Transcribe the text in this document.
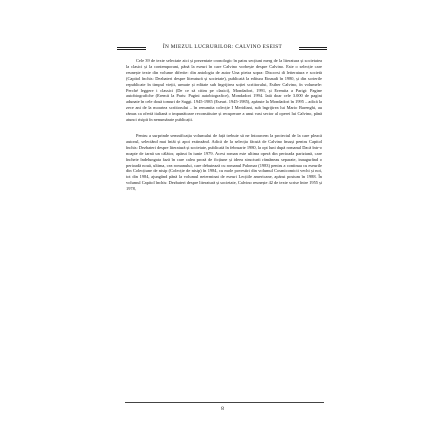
ÎN MIEZUL LUCRURILOR: CALVINO ESEIST

Cele 39 de texte selectate aici și prezentate cronologic în patru secțiuni merg de la literatura și societatea la clasici și la contemporani, până la eseuri în care Calvino vorbește despre Calvino. Este o selecție care reunește texte din volume diferite: din antologia de autor Una pietra sopra: Discorsi di letteratura e società (Capitol închis: Dezbateri despre literatură și societate), publicată la editura Einaudi în 1980, și din scrierile republicate în timpul vieții, urmate și editate sub îngrijirea soției scriitorului, Esther Calvino, în volumele: Perché leggere i classici (De ce să citim pe clasici), Mondadori, 1991, și Eremita a Parigi: Pagine autobiografiche (Eremit la Paris: Pagini autobiografice), Mondadori 1994. Iată doar cele 3.000 de pagini adunate în cele două tomuri de Saggi. 1945-1985 (Eseuri. 1945-1985), apărute la Mondadori în 1995 – adică la zece ani de la moartea scriitorului – în renumita colecție I Meridiani, sub îngrijirea lui Mario Barenghi, au rămas ca ofertă italiană o impunătoare reconstituire și recuperare a unui vast sector al operei lui Calvino, până atunci risipit în nenumărate publicații.

Pentru a surprinde semnificația volumului de față trebuie să ne întoarcem la proiectul de la care pleacă autorul, selectând mai întâi și apoi extinzând. Adică de la selecția făcută de Calvino însuși pentru Capitol închis: Dezbateri despre literatură și societate, publicată în februarie 1980, la opt luni după romanul Dacă într-o noapte de iarnă un călător, apărut în iunie 1979. Acest roman este ultima operă din perioada pariziană, care încheie îndelungata fază în care calea proză de ficțiune și ideea structurii rămâneau separate, inaugurând o perioadă nouă, ultima, cea romanului, care debutează cu romanul Palomar (1983) pentru a continua cu eseurile din Colecțiune de nisip (Colecție de nisip) în 1984, cu mole povestiri din volumul Cosmicomicii vechi și noi, tot din 1984, ajungând până la volumul neterminat de eseuri Lecțiile americane, apărut postum în 1988. În volumul Capitol închis: Dezbateri despre literatură și societate, Calvino reunește 42 de texte scrise între 1955 și 1978,

8
